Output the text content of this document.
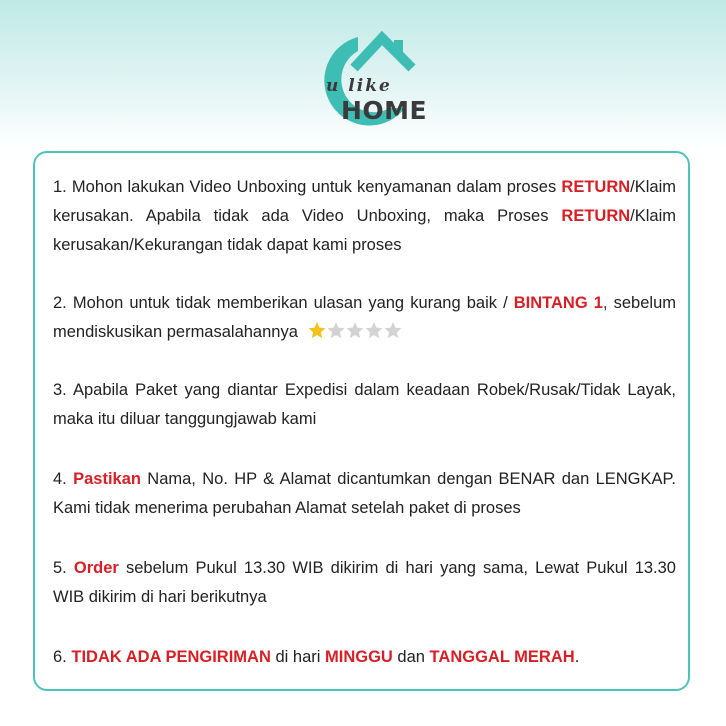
u like
HOME
1. Mohon lakukan Video Unboxing untuk kenyamanan dalam proses RETURN/Klaim kerusakan. Apabila tidak ada Video Unboxing, maka Proses RETURN/Klaim kerusakan/Kekurangan tidak dapat kami proses
2. Mohon untuk tidak memberikan ulasan yang kurang baik / BINTANG 1, sebelum mendiskusikan permasalahannya
3. Apabila Paket yang diantar Expedisi dalam keadaan Robek/Rusak/Tidak Layak, maka itu diluar tanggungjawab kami
4. Pastikan Nama, No. HP & Alamat dicantumkan dengan BENAR dan LENGKAP. Kami tidak menerima perubahan Alamat setelah paket di proses
5. Order sebelum Pukul 13.30 WIB dikirim di hari yang sama, Lewat Pukul 13.30 WIB dikirim di hari berikutnya
6. TIDAK ADA PENGIRIMAN di hari MINGGU dan TANGGAL MERAH.
